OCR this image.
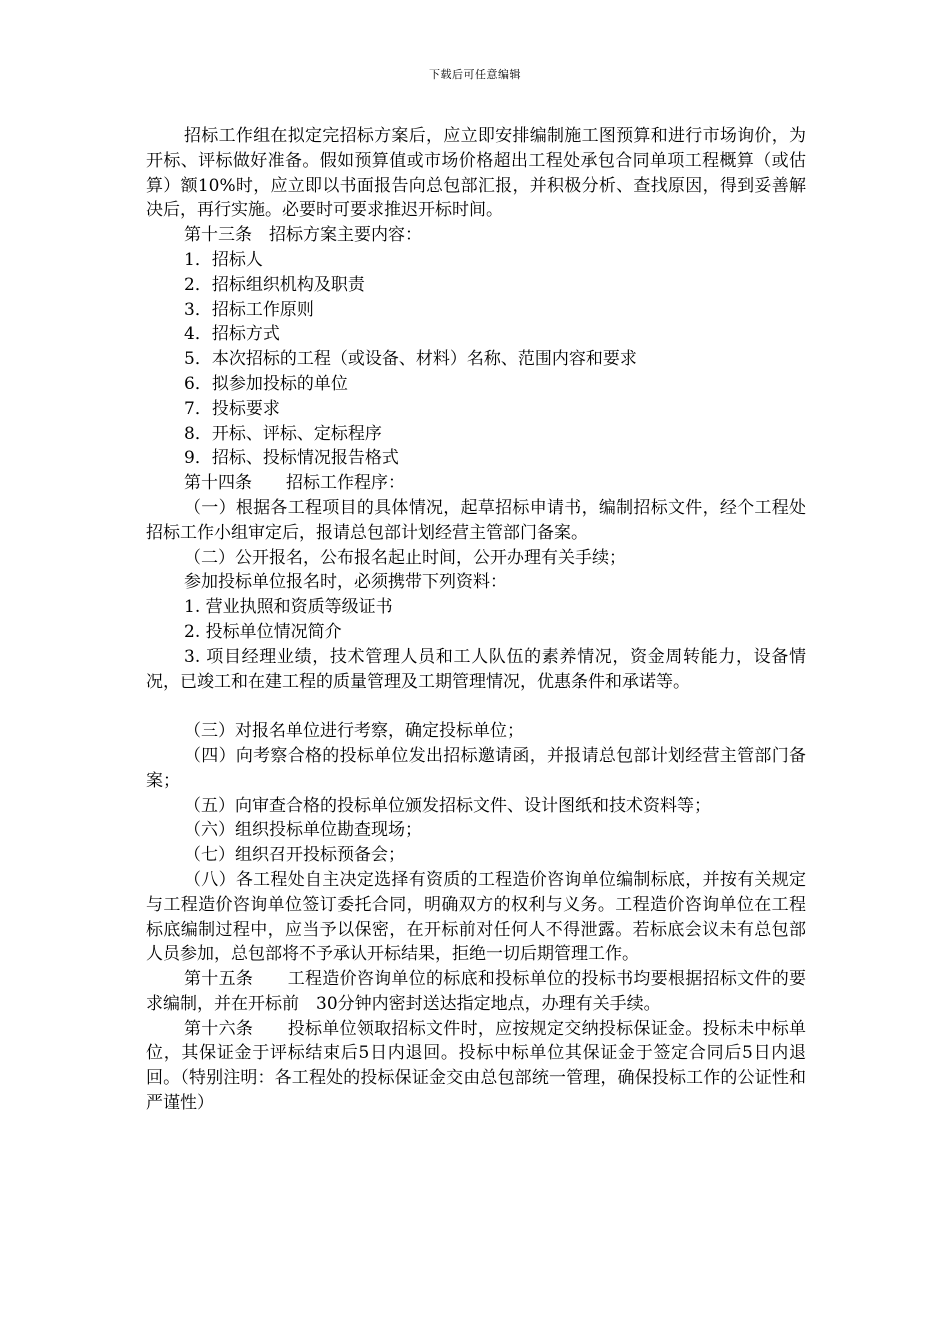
下载后可任意编辑

招标工作组在拟定完招标方案后，应立即安排编制施工图预算和进行市场询价，为开标、评标做好准备。假如预算值或市场价格超出工程处承包合同单项工程概算（或估算）额10%时，应立即以书面报告向总包部汇报，并积极分析、查找原因，得到妥善解决后，再行实施。必要时可要求推迟开标时间。

第十三条　招标方案主要内容：

1．招标人

2．招标组织机构及职责

3．招标工作原则

4．招标方式

5．本次招标的工程（或设备、材料）名称、范围内容和要求

6．拟参加投标的单位

7．投标要求

8．开标、评标、定标程序

9．招标、投标情况报告格式

第十四条　　招标工作程序：

（一）根据各工程项目的具体情况，起草招标申请书，编制招标文件，经个工程处招标工作小组审定后，报请总包部计划经营主管部门备案。

（二）公开报名，公布报名起止时间，公开办理有关手续；

参加投标单位报名时，必须携带下列资料：

1. 营业执照和资质等级证书

2. 投标单位情况简介

3. 项目经理业绩，技术管理人员和工人队伍的素养情况，资金周转能力，设备情况，已竣工和在建工程的质量管理及工期管理情况，优惠条件和承诺等。

（三）对报名单位进行考察，确定投标单位；

（四）向考察合格的投标单位发出招标邀请函，并报请总包部计划经营主管部门备案；

（五）向审查合格的投标单位颁发招标文件、设计图纸和技术资料等；

（六）组织投标单位勘查现场；

（七）组织召开投标预备会；

（八）各工程处自主决定选择有资质的工程造价咨询单位编制标底，并按有关规定与工程造价咨询单位签订委托合同，明确双方的权利与义务。工程造价咨询单位在工程标底编制过程中，应当予以保密，在开标前对任何人不得泄露。若标底会议未有总包部人员参加，总包部将不予承认开标结果，拒绝一切后期管理工作。

第十五条　　工程造价咨询单位的标底和投标单位的投标书均要根据招标文件的要求编制，并在开标前　30分钟内密封送达指定地点，办理有关手续。

第十六条　　投标单位领取招标文件时，应按规定交纳投标保证金。投标未中标单位，其保证金于评标结束后5日内退回。投标中标单位其保证金于签定合同后5日内退回。（特别注明：各工程处的投标保证金交由总包部统一管理，确保投标工作的公证性和严谨性）
